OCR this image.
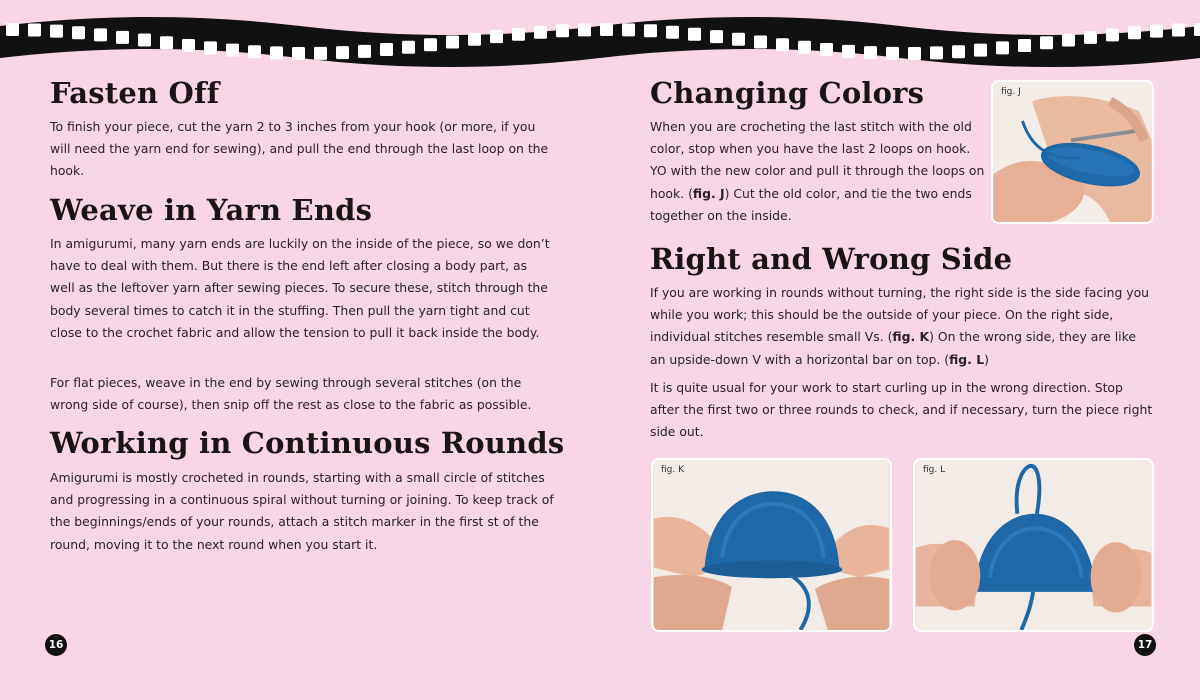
Fasten Off

To finish your piece, cut the yarn 2 to 3 inches from your hook (or more, if you will need the yarn end for sewing), and pull the end through the last loop on the hook.

Weave in Yarn Ends

In amigurumi, many yarn ends are luckily on the inside of the piece, so we don’t have to deal with them. But there is the end left after closing a body part, as well as the leftover yarn after sewing pieces. To secure these, stitch through the body several times to catch it in the stuffing. Then pull the yarn tight and cut close to the crochet fabric and allow the tension to pull it back inside the body.

For flat pieces, weave in the end by sewing through several stitches (on the wrong side of course), then snip off the rest as close to the fabric as possible.

Working in Continuous Rounds

Amigurumi is mostly crocheted in rounds, starting with a small circle of stitches and progressing in a continuous spiral without turning or joining. To keep track of the beginnings/ends of your rounds, attach a stitch marker in the first st of the round, moving it to the next round when you start it.

16
Changing Colors

When you are crocheting the last stitch with the old color, stop when you have the last 2 loops on hook. YO with the new color and pull it through the loops on hook. (fig. J) Cut the old color, and tie the two ends together on the inside.

fig. J
Right and Wrong Side

If you are working in rounds without turning, the right side is the side facing you while you work; this should be the outside of your piece. On the right side, individual stitches resemble small Vs. (fig. K) On the wrong side, they are like an upside-down V with a horizontal bar on top. (fig. L)

It is quite usual for your work to start curling up in the wrong direction. Stop after the first two or three rounds to check, and if necessary, turn the piece right side out.

fig. K	fig. L
17
